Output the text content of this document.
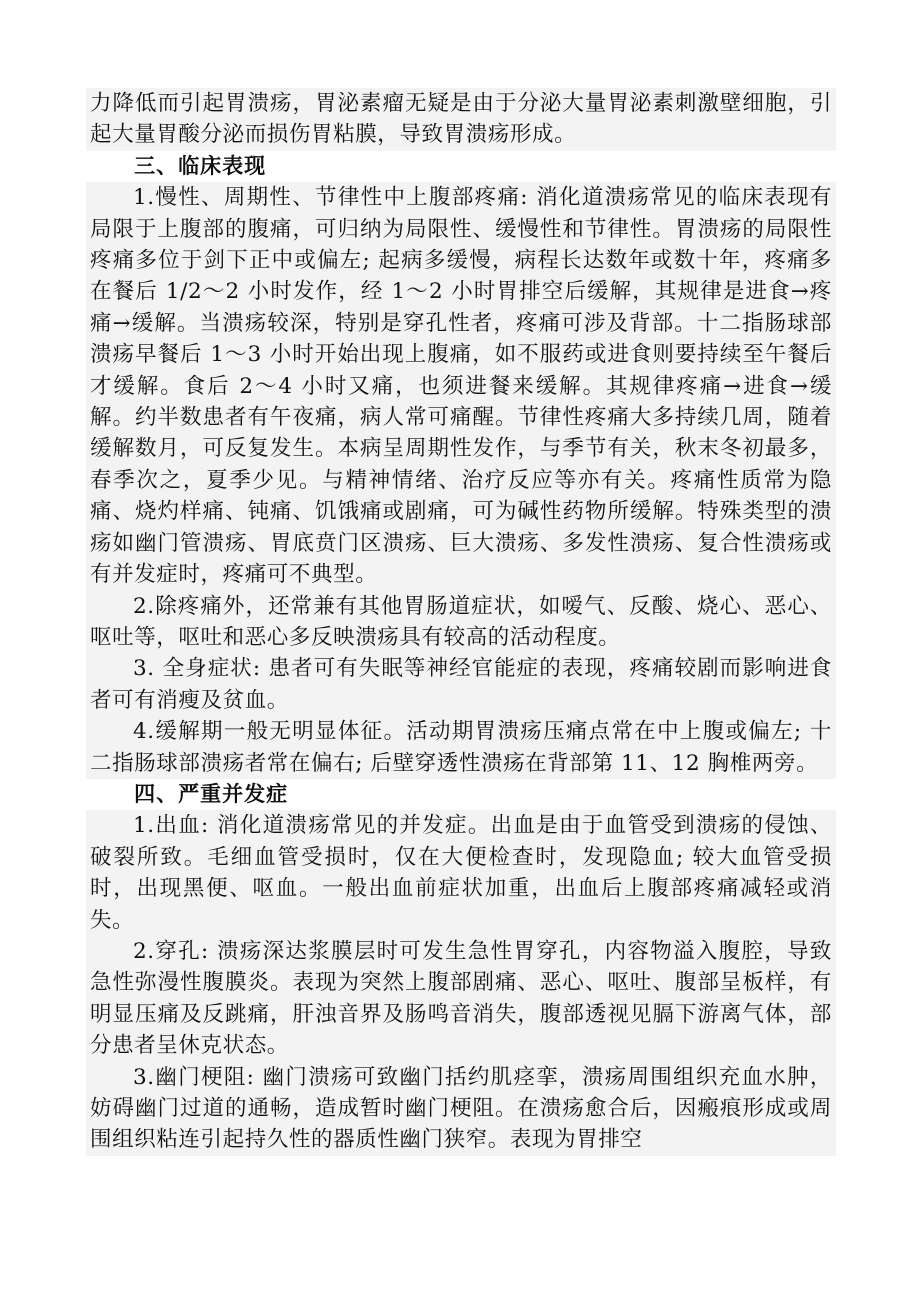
力降低而引起胃溃疡，胃泌素瘤无疑是由于分泌大量胃泌素刺激壁细胞，引起大量胃酸分泌而损伤胃粘膜，导致胃溃疡形成。

三、临床表现

1.慢性、周期性、节律性中上腹部疼痛: 消化道溃疡常见的临床表现有局限于上腹部的腹痛，可归纳为局限性、缓慢性和节律性。胃溃疡的局限性疼痛多位于剑下正中或偏左; 起病多缓慢，病程长达数年或数十年，疼痛多在餐后 1/2～2 小时发作，经 1～2 小时胃排空后缓解，其规律是进食→疼痛→缓解。当溃疡较深，特别是穿孔性者，疼痛可涉及背部。十二指肠球部溃疡早餐后 1～3 小时开始出现上腹痛，如不服药或进食则要持续至午餐后才缓解。食后 2～4 小时又痛，也须进餐来缓解。其规律疼痛→进食→缓解。约半数患者有午夜痛，病人常可痛醒。节律性疼痛大多持续几周，随着缓解数月，可反复发生。本病呈周期性发作，与季节有关，秋末冬初最多，春季次之，夏季少见。与精神情绪、治疗反应等亦有关。疼痛性质常为隐痛、烧灼样痛、钝痛、饥饿痛或剧痛，可为碱性药物所缓解。特殊类型的溃疡如幽门管溃疡、胃底贲门区溃疡、巨大溃疡、多发性溃疡、复合性溃疡或有并发症时，疼痛可不典型。

2.除疼痛外，还常兼有其他胃肠道症状，如嗳气、反酸、烧心、恶心、呕吐等，呕吐和恶心多反映溃疡具有较高的活动程度。

3. 全身症状: 患者可有失眠等神经官能症的表现，疼痛较剧而影响进食者可有消瘦及贫血。

4.缓解期一般无明显体征。活动期胃溃疡压痛点常在中上腹或偏左; 十二指肠球部溃疡者常在偏右; 后壁穿透性溃疡在背部第 11、12 胸椎两旁。

四、严重并发症

1.出血: 消化道溃疡常见的并发症。出血是由于血管受到溃疡的侵蚀、破裂所致。毛细血管受损时，仅在大便检查时，发现隐血; 较大血管受损时，出现黑便、呕血。一般出血前症状加重，出血后上腹部疼痛减轻或消失。

2.穿孔: 溃疡深达浆膜层时可发生急性胃穿孔，内容物溢入腹腔，导致急性弥漫性腹膜炎。表现为突然上腹部剧痛、恶心、呕吐、腹部呈板样，有明显压痛及反跳痛，肝浊音界及肠鸣音消失，腹部透视见膈下游离气体，部分患者呈休克状态。

3.幽门梗阻: 幽门溃疡可致幽门括约肌痉挛，溃疡周围组织充血水肿，妨碍幽门过道的通畅，造成暂时幽门梗阻。在溃疡愈合后，因瘢痕形成或周围组织粘连引起持久性的器质性幽门狭窄。表现为胃排空
